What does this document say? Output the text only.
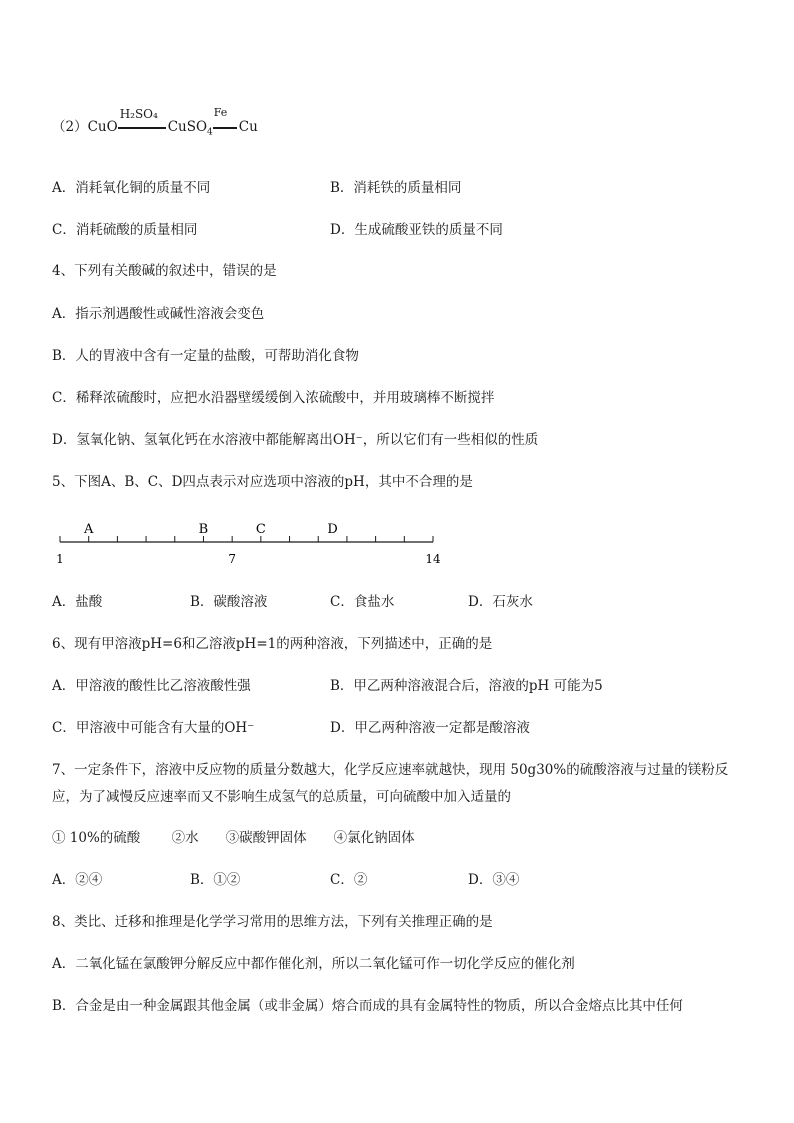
（2）CuO
H₂SO₄
CuSO$_4$
Fe
Cu
A．消耗氧化铜的质量不同	B．消耗铁的质量相同
C．消耗硫酸的质量相同	D．生成硫酸亚铁的质量不同
4、下列有关酸碱的叙述中，错误的是
A．指示剂遇酸性或碱性溶液会变色
B．人的胃液中含有一定量的盐酸，可帮助消化食物
C．稀释浓硫酸时，应把水沿器壁缓缓倒入浓硫酸中，并用玻璃棒不断搅拌
D．氢氧化钠、氢氧化钙在水溶液中都能解离出OH⁻，所以它们有一些相似的性质
5、下图A、B、C、D四点表示对应选项中溶液的pH，其中不合理的是
1	7	14
A	B	C	D
A．盐酸	B．碳酸溶液	C．食盐水	D．石灰水
6、现有甲溶液pH=6和乙溶液pH=1的两种溶液，下列描述中，正确的是
A．甲溶液的酸性比乙溶液酸性强	B．甲乙两种溶液混合后，溶液的pH 可能为5
C．甲溶液中可能含有大量的OH⁻	D．甲乙两种溶液一定都是酸溶液
7、一定条件下，溶液中反应物的质量分数越大，化学反应速率就越快，现用 50g30%的硫酸溶液与过量的镁粉反应，为了减慢反应速率而又不影响生成氢气的总质量，可向硫酸中加入适量的
① 10%的硫酸　　 ②水　　③碳酸钾固体　　④氯化钠固体
A．②④	B．①②	C．②	D．③④
8、类比、迁移和推理是化学学习常用的思维方法，下列有关推理正确的是
A．二氧化锰在氯酸钾分解反应中都作催化剂，所以二氧化锰可作一切化学反应的催化剂
B．合金是由一种金属跟其他金属（或非金属）熔合而成的具有金属特性的物质，所以合金熔点比其中任何
